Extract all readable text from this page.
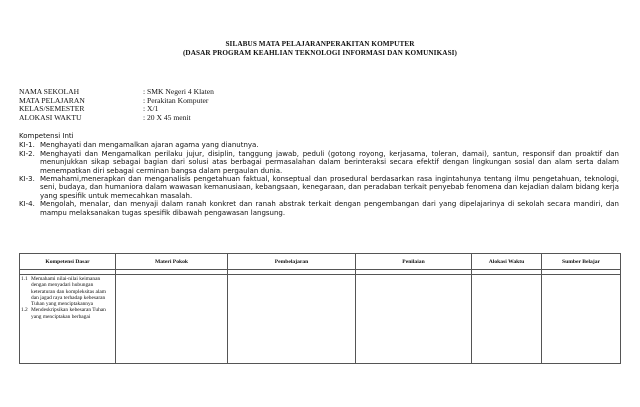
SILABUS MATA PELAJARANPERAKITAN KOMPUTER
(DASAR PROGRAM KEAHLIAN TEKNOLOGI INFORMASI DAN KOMUNIKASI)
NAMA SEKOLAH	: SMK Negeri 4 Klaten
MATA PELAJARAN	: Perakitan Komputer
KELAS/SEMESTER	: X/1
ALOKASI WAKTU	: 20 X 45 menit
Kompetensi Inti
KI-1. Menghayati dan mengamalkan ajaran agama yang dianutnya.
KI-2. Menghayati dan Mengamalkan perilaku jujur, disiplin, tanggung jawab, peduli (gotong royong, kerjasama, toleran, damai), santun, responsif dan proaktif dan menunjukkan sikap sebagai bagian dari solusi atas berbagai permasalahan dalam berinteraksi secara efektif dengan lingkungan sosial dan alam serta dalam menempatkan diri sebagai cerminan bangsa dalam pergaulan dunia.
KI-3. Memahami,menerapkan dan menganalisis pengetahuan faktual, konseptual dan prosedural berdasarkan rasa ingintahunya tentang ilmu pengetahuan, teknologi, seni, budaya, dan humaniora dalam wawasan kemanusiaan, kebangsaan, kenegaraan, dan peradaban terkait penyebab fenomena dan kejadian dalam bidang kerja yang spesifik untuk memecahkan masalah.
KI-4. Mengolah, menalar, dan menyaji dalam ranah konkret dan ranah abstrak terkait dengan pengembangan dari yang dipelajarinya di sekolah secara mandiri, dan mampu melaksanakan tugas spesifik dibawah pengawasan langsung.
Kompetensi Dasar	Materi Pokok	Pembelajaran	Penilaian	Alokasi Waktu	Sumber Belajar

1.1 Memahami nilai-nilai keimanan dengan menyadari hubungan keteraturan dan kompleksitas alam dan jagad raya terhadap kebesaran Tuhan yang menciptakannya
1.2 Mendeskripsikan kebesaran Tuhan yang menciptakan berbagai					
